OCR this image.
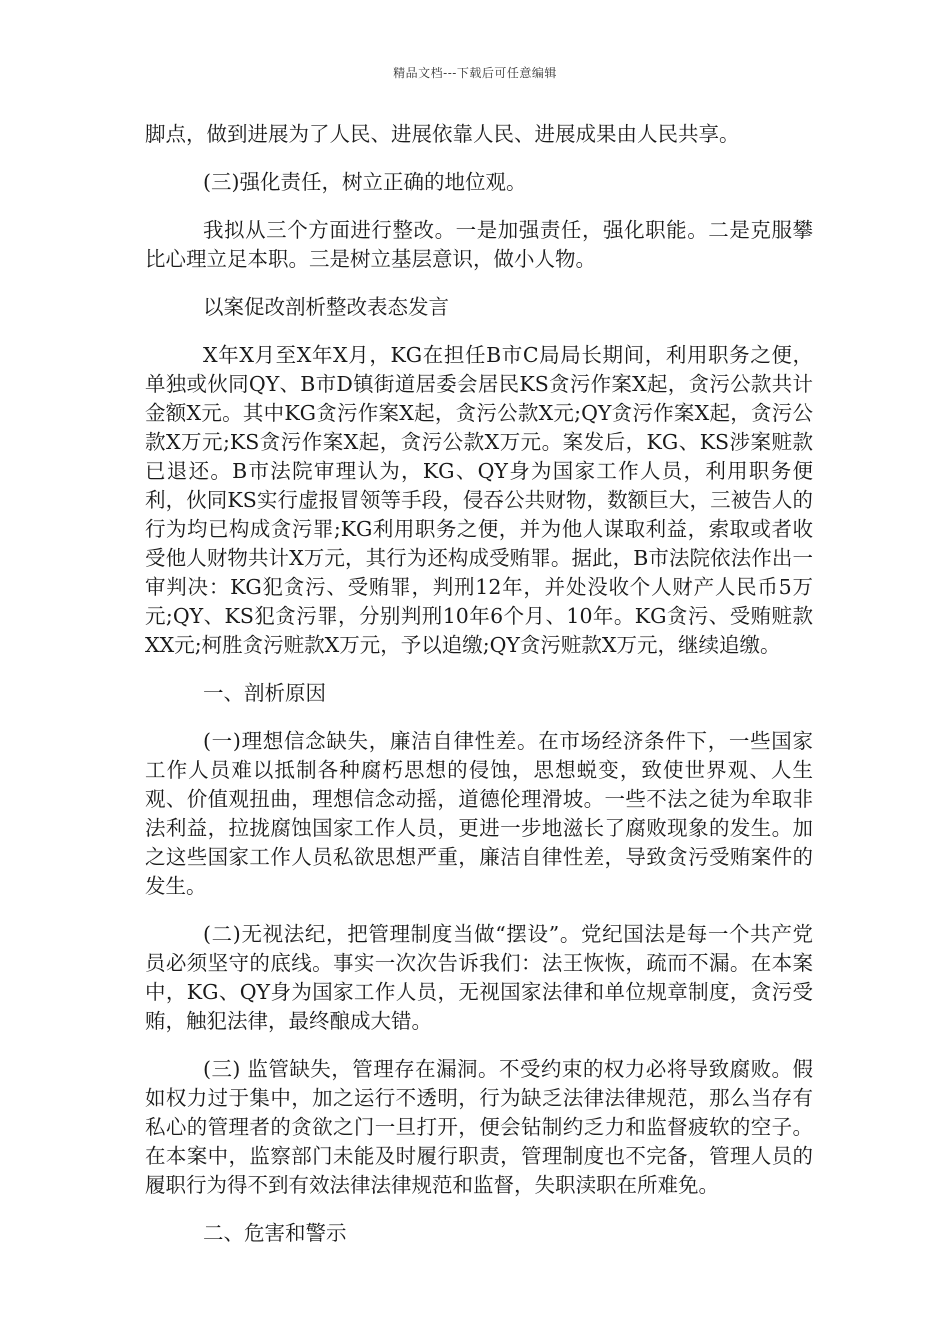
精品文档---下载后可任意编辑

脚点，做到进展为了人民、进展依靠人民、进展成果由人民共享。

(三)强化责任，树立正确的地位观。

我拟从三个方面进行整改。一是加强责任，强化职能。二是克服攀比心理立足本职。三是树立基层意识，做小人物。

以案促改剖析整改表态发言

X年X月至X年X月，KG在担任B市C局局长期间，利用职务之便，单独或伙同QY、B市D镇街道居委会居民KS贪污作案X起，贪污公款共计金额X元。其中KG贪污作案X起，贪污公款X元;QY贪污作案X起，贪污公款X万元;KS贪污作案X起，贪污公款X万元。案发后，KG、KS涉案赃款已退还。B市法院审理认为，KG、QY身为国家工作人员，利用职务便利，伙同KS实行虚报冒领等手段，侵吞公共财物，数额巨大，三被告人的行为均已构成贪污罪;KG利用职务之便，并为他人谋取利益，索取或者收受他人财物共计X万元，其行为还构成受贿罪。据此，B市法院依法作出一审判决：KG犯贪污、受贿罪，判刑12年，并处没收个人财产人民币5万元;QY、KS犯贪污罪，分别判刑10年6个月、10年。KG贪污、受贿赃款XX元;柯胜贪污赃款X万元，予以追缴;QY贪污赃款X万元，继续追缴。

一、剖析原因

(一)理想信念缺失，廉洁自律性差。在市场经济条件下，一些国家工作人员难以抵制各种腐朽思想的侵蚀，思想蜕变，致使世界观、人生观、价值观扭曲，理想信念动摇，道德伦理滑坡。一些不法之徒为牟取非法利益，拉拢腐蚀国家工作人员，更进一步地滋长了腐败现象的发生。加之这些国家工作人员私欲思想严重，廉洁自律性差，导致贪污受贿案件的发生。

(二)无视法纪，把管理制度当做“摆设”。党纪国法是每一个共产党员必须坚守的底线。事实一次次告诉我们：法王恢恢，疏而不漏。在本案中，KG、QY身为国家工作人员，无视国家法律和单位规章制度，贪污受贿，触犯法律，最终酿成大错。

(三) 监管缺失，管理存在漏洞。不受约束的权力必将导致腐败。假如权力过于集中，加之运行不透明，行为缺乏法律法律规范，那么当存有私心的管理者的贪欲之门一旦打开，便会钻制约乏力和监督疲软的空子。在本案中，监察部门未能及时履行职责，管理制度也不完备，管理人员的履职行为得不到有效法律法律规范和监督，失职渎职在所难免。

二、危害和警示
